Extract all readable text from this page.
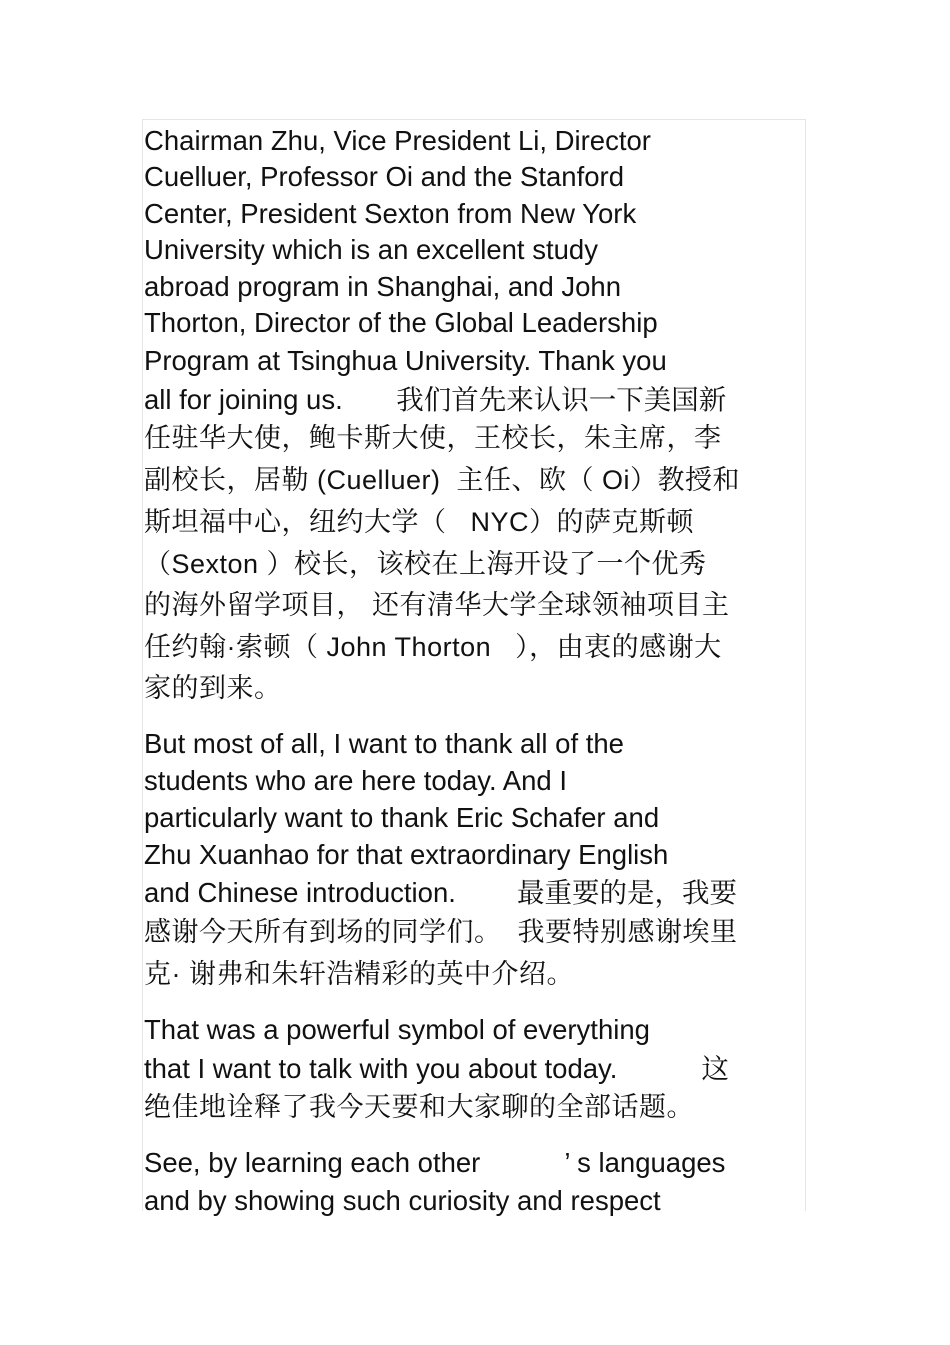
Chairman Zhu, Vice President Li, Director
Cuelluer, Professor Oi and the Stanford
Center, President Sexton from New York
University which is an excellent study
abroad program in Shanghai, and John
Thorton, Director of the Global Leadership
Program at Tsinghua University. Thank you
all for joining us.       我们首先来认识一下美国新
任驻华大使，鲍卡斯大使，王校长，朱主席，李
副校长，居勒 (Cuelluer)  主任、欧（ Oi）教授和
斯坦福中心，纽约大学（   NYC）的萨克斯顿
（Sexton ）校长，该校在上海开设了一个优秀
的海外留学项目， 还有清华大学全球领袖项目主
任约翰·索顿（ John Thorton   ），由衷的感谢大
家的到来。
But most of all, I want to thank all of the
students who are here today. And I
particularly want to thank Eric Schafer and
Zhu Xuanhao for that extraordinary English
and Chinese introduction.        最重要的是，我要
感谢今天所有到场的同学们。  我要特别感谢埃里
克· 谢弗和朱轩浩精彩的英中介绍。
That was a powerful symbol of everything
that I want to talk with you about today.           这
绝佳地诠释了我今天要和大家聊的全部话题。
See, by learning each other           ’ s languages
and by showing such curiosity and respect
